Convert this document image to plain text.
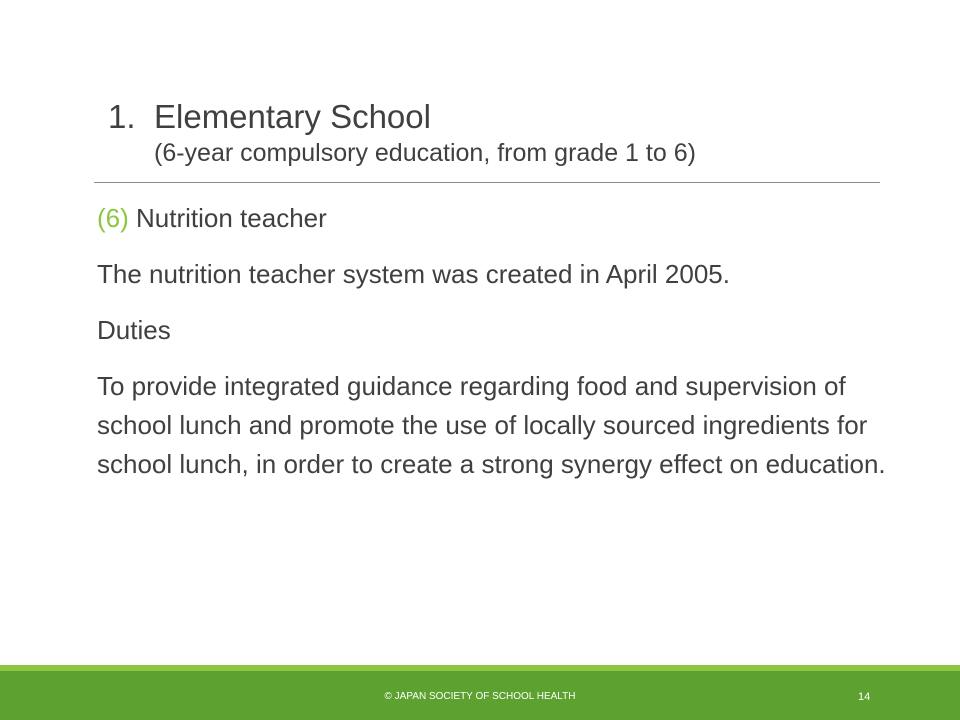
1. Elementary School
(6-year compulsory education, from grade 1 to 6)

(6) Nutrition teacher

The nutrition teacher system was created in April 2005.

Duties

To provide integrated guidance regarding food and supervision of school lunch and promote the use of locally sourced ingredients for school lunch, in order to create a strong synergy effect on education.

© JAPAN SOCIETY OF SCHOOL HEALTH	14
